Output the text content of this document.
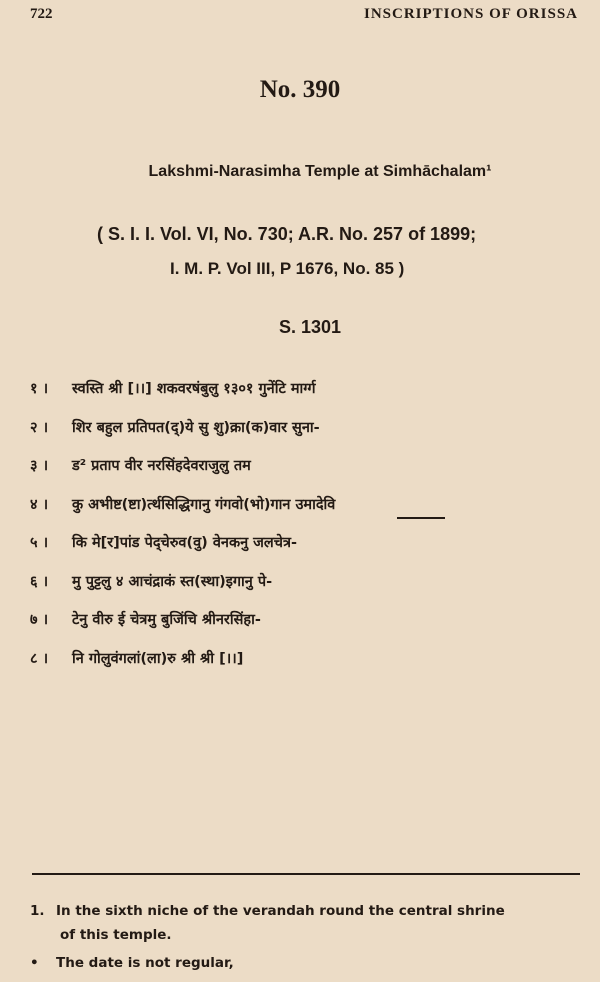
722	INSCRIPTIONS OF ORISSA
No. 390
Lakshmi-Narasimha Temple at Simhāchalam¹
( S. I. I. Vol. VI, No. 730; A.R. No. 257 of 1899;
I. M. P. Vol III, P 1676, No. 85 )
S. 1301
१ ।	स्वस्ति श्री [।।] शकवरषंबुलु १३०१ गुनेंटि मार्ग्ग
२ ।	शिर बहुल प्रतिपत(द्)ये सु शु)क्रा(क)वार सुना-
३ ।	ड² प्रताप वीर नरसिंहदेवराजुलु तम
४ ।	कु अभीष्ट(ष्टा)र्त्थसिद्धिगानु गंगवो(भो)गान उमादेवि
५ ।	कि मे[र]पांड पेद्चेरुव(वु) वेनकनु जलचेत्र-
६ ।	मु पुट्टलु ४ आचंद्राकं स्त(स्था)इगानु पे-
७ ।	टेनु वीरु ई चेत्रमु बुजिंचि श्रीनरसिंहा-
८ ।	नि गोलुवंगलां(ला)रु श्री श्री [।।]
1. In the sixth niche of the verandah round the central shrine
of this temple.
• The date is not regular,
